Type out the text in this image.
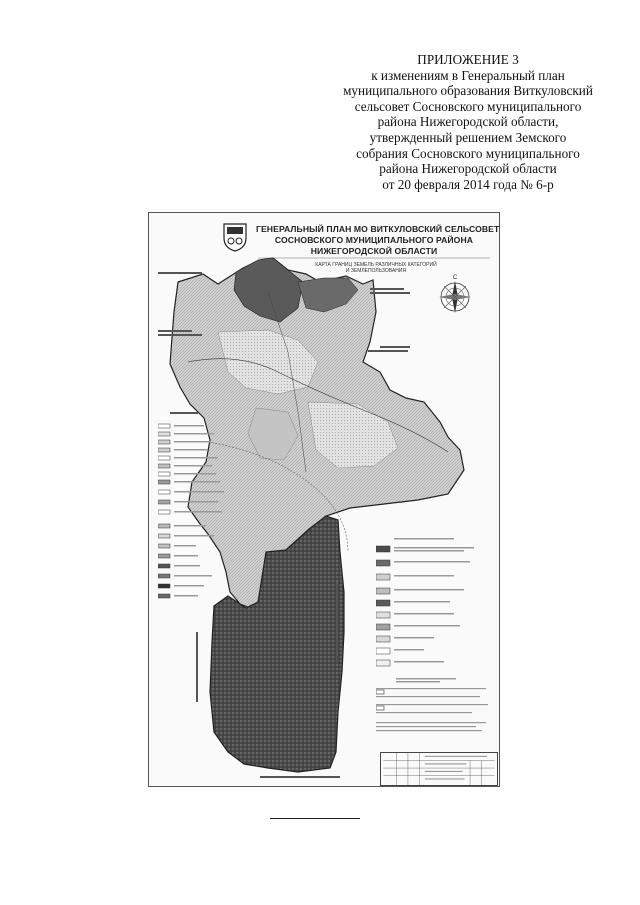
ПРИЛОЖЕНИЕ 3
к изменениям в Генеральный план
муниципального образования Виткуловский
сельсовет Сосновского муниципального
района Нижегородской области,
утвержденный решением Земского
собрания Сосновского муниципального
района Нижегородской области
от 20 февраля 2014 года № 6-р
ГЕНЕРАЛЬНЫЙ ПЛАН МО ВИТКУЛОВСКИЙ СЕЛЬСОВЕТ
СОСНОВСКОГО МУНИЦИПАЛЬНОГО РАЙОНА
НИЖЕГОРОДСКОЙ ОБЛАСТИ
КАРТА ГРАНИЦ ЗЕМЕЛЬ РАЗЛИЧНЫХ КАТЕГОРИЙ
И ЗЕМЛЕПОЛЬЗОВАНИЯ
С
